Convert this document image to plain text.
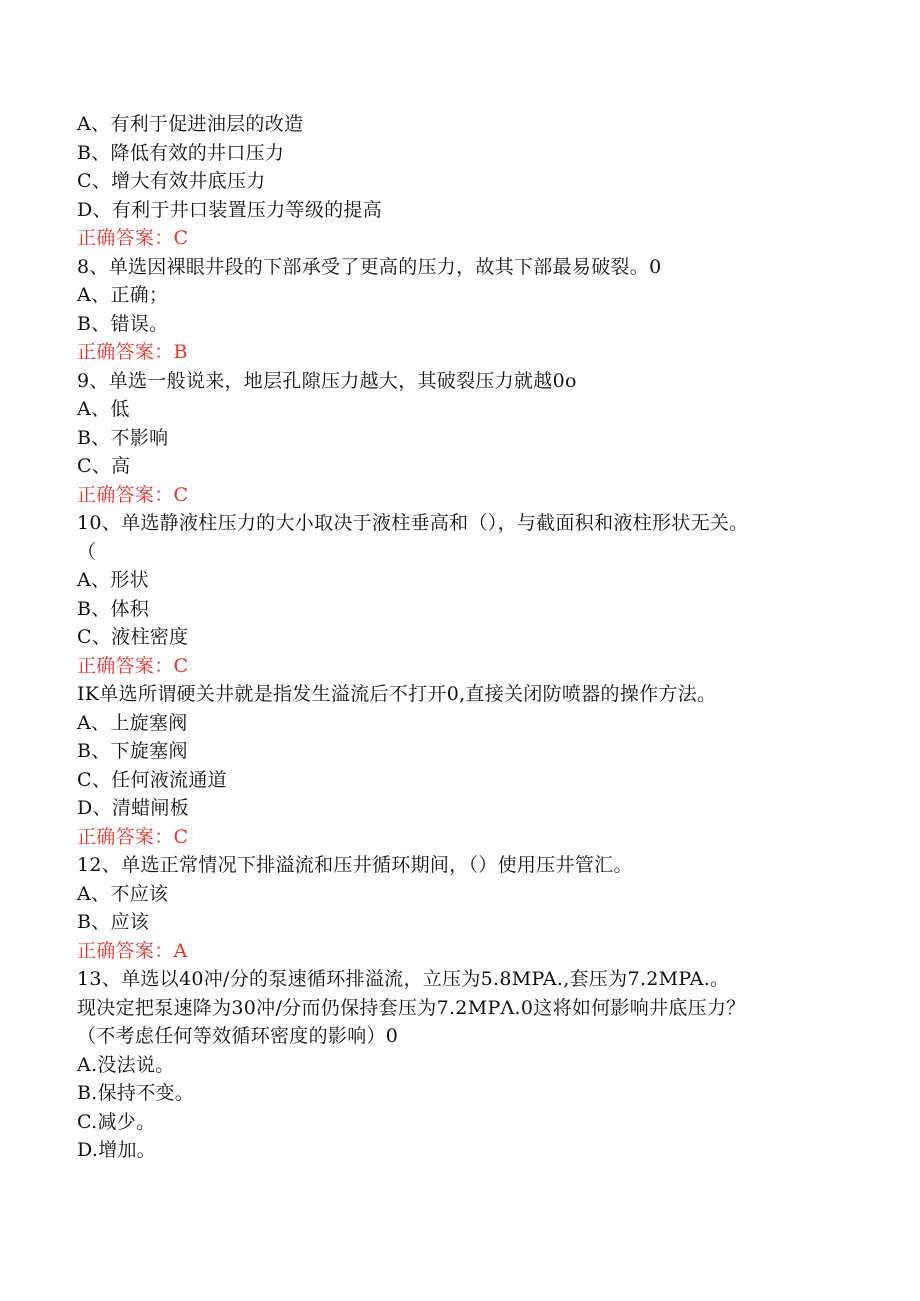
A、有利于促进油层的改造
B、降低有效的井口压力
C、增大有效井底压力
D、有利于井口装置压力等级的提高
正确答案：C
8、单选因裸眼井段的下部承受了更高的压力，故其下部最易破裂。0
A、正确；
B、错误。
正确答案：B
9、单选一般说来，地层孔隙压力越大，其破裂压力就越0o
A、低
B、不影响
C、高
正确答案：C
10、单选静液柱压力的大小取决于液柱垂高和（），与截面积和液柱形状无关。
（
A、形状
B、体积
C、液柱密度
正确答案：C
IK单选所谓硬关井就是指发生溢流后不打开0,直接关闭防喷器的操作方法。
A、上旋塞阀
B、下旋塞阀
C、任何液流通道
D、清蜡闸板
正确答案：C
12、单选正常情况下排溢流和压井循环期间，（）使用压井管汇。
A、不应该
B、应该
正确答案：A
13、单选以40冲/分的泵速循环排溢流，立压为5.8MPA.,套压为7.2MPA.。
现决定把泵速降为30冲/分而仍保持套压为7.2MPΛ.0这将如何影响井底压力？
（不考虑任何等效循环密度的影响）0
A.没法说。
B.保持不变。
C.减少。
D.增加。
